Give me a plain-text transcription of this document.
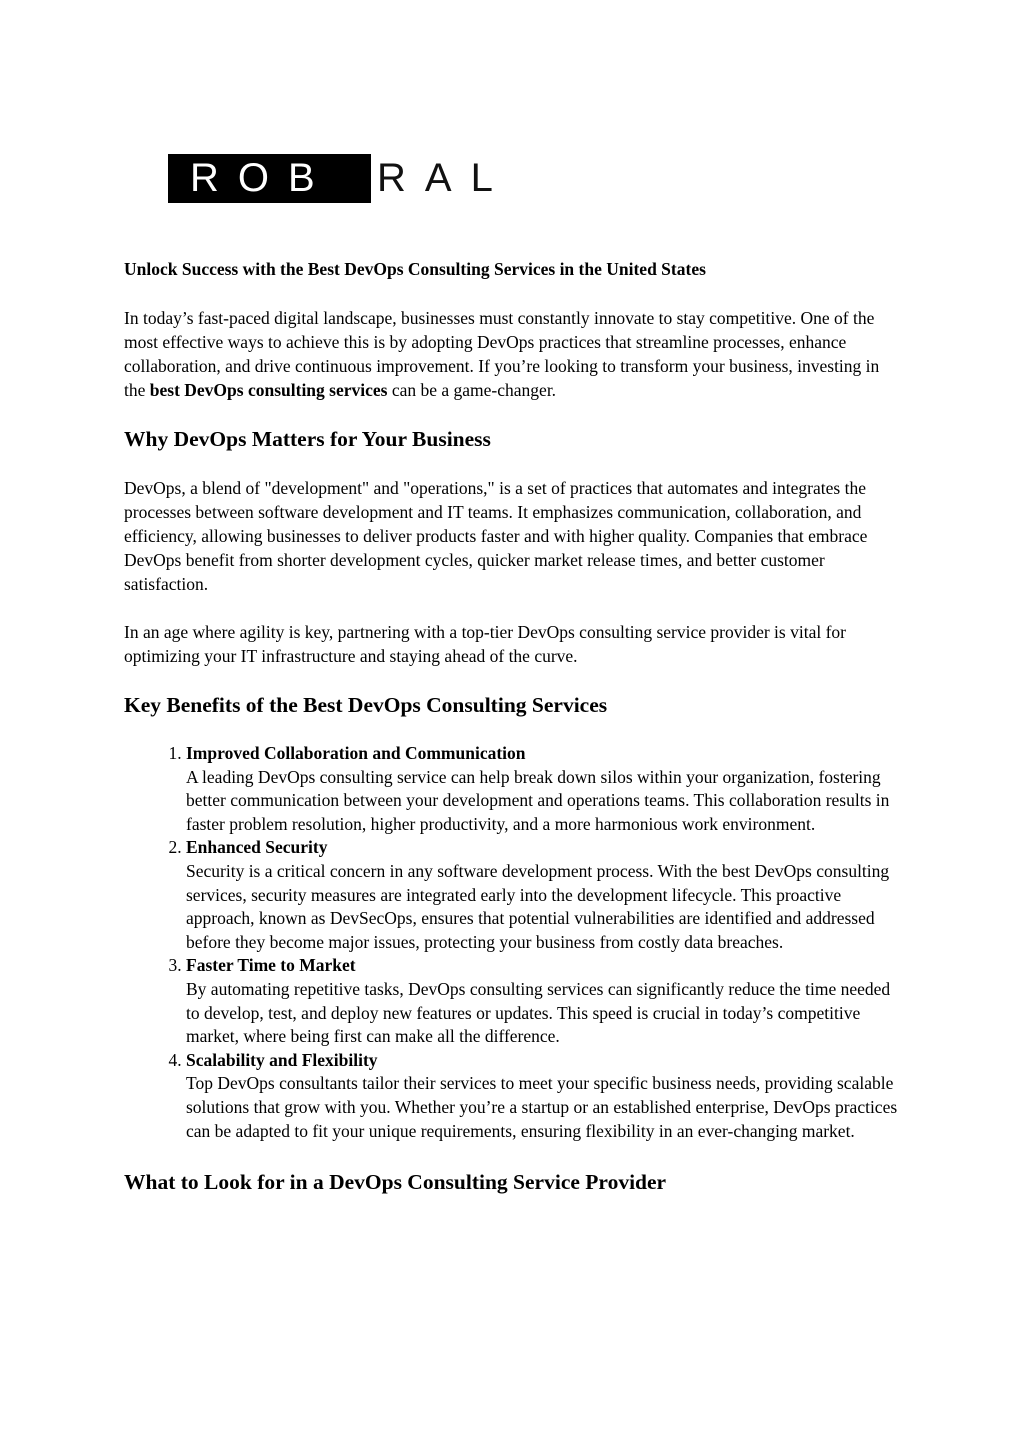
ROB	RAL
Unlock Success with the Best DevOps Consulting Services in the United States

In today’s fast-paced digital landscape, businesses must constantly innovate to stay competitive. One of the most effective ways to achieve this is by adopting DevOps practices that streamline processes, enhance collaboration, and drive continuous improvement. If you’re looking to transform your business, investing in the best DevOps consulting services can be a game-changer.

Why DevOps Matters for Your Business

DevOps, a blend of "development" and "operations," is a set of practices that automates and integrates the processes between software development and IT teams. It emphasizes communication, collaboration, and efficiency, allowing businesses to deliver products faster and with higher quality. Companies that embrace DevOps benefit from shorter development cycles, quicker market release times, and better customer satisfaction.

In an age where agility is key, partnering with a top-tier DevOps consulting service provider is vital for optimizing your IT infrastructure and staying ahead of the curve.

Key Benefits of the Best DevOps Consulting Services
1. Improved Collaboration and Communication
A leading DevOps consulting service can help break down silos within your organization, fostering better communication between your development and operations teams. This collaboration results in faster problem resolution, higher productivity, and a more harmonious work environment.
2. Enhanced Security
Security is a critical concern in any software development process. With the best DevOps consulting services, security measures are integrated early into the development lifecycle. This proactive approach, known as DevSecOps, ensures that potential vulnerabilities are identified and addressed before they become major issues, protecting your business from costly data breaches.
3. Faster Time to Market
By automating repetitive tasks, DevOps consulting services can significantly reduce the time needed to develop, test, and deploy new features or updates. This speed is crucial in today’s competitive market, where being first can make all the difference.
4. Scalability and Flexibility
Top DevOps consultants tailor their services to meet your specific business needs, providing scalable solutions that grow with you. Whether you’re a startup or an established enterprise, DevOps practices can be adapted to fit your unique requirements, ensuring flexibility in an ever-changing market.
What to Look for in a DevOps Consulting Service Provider
